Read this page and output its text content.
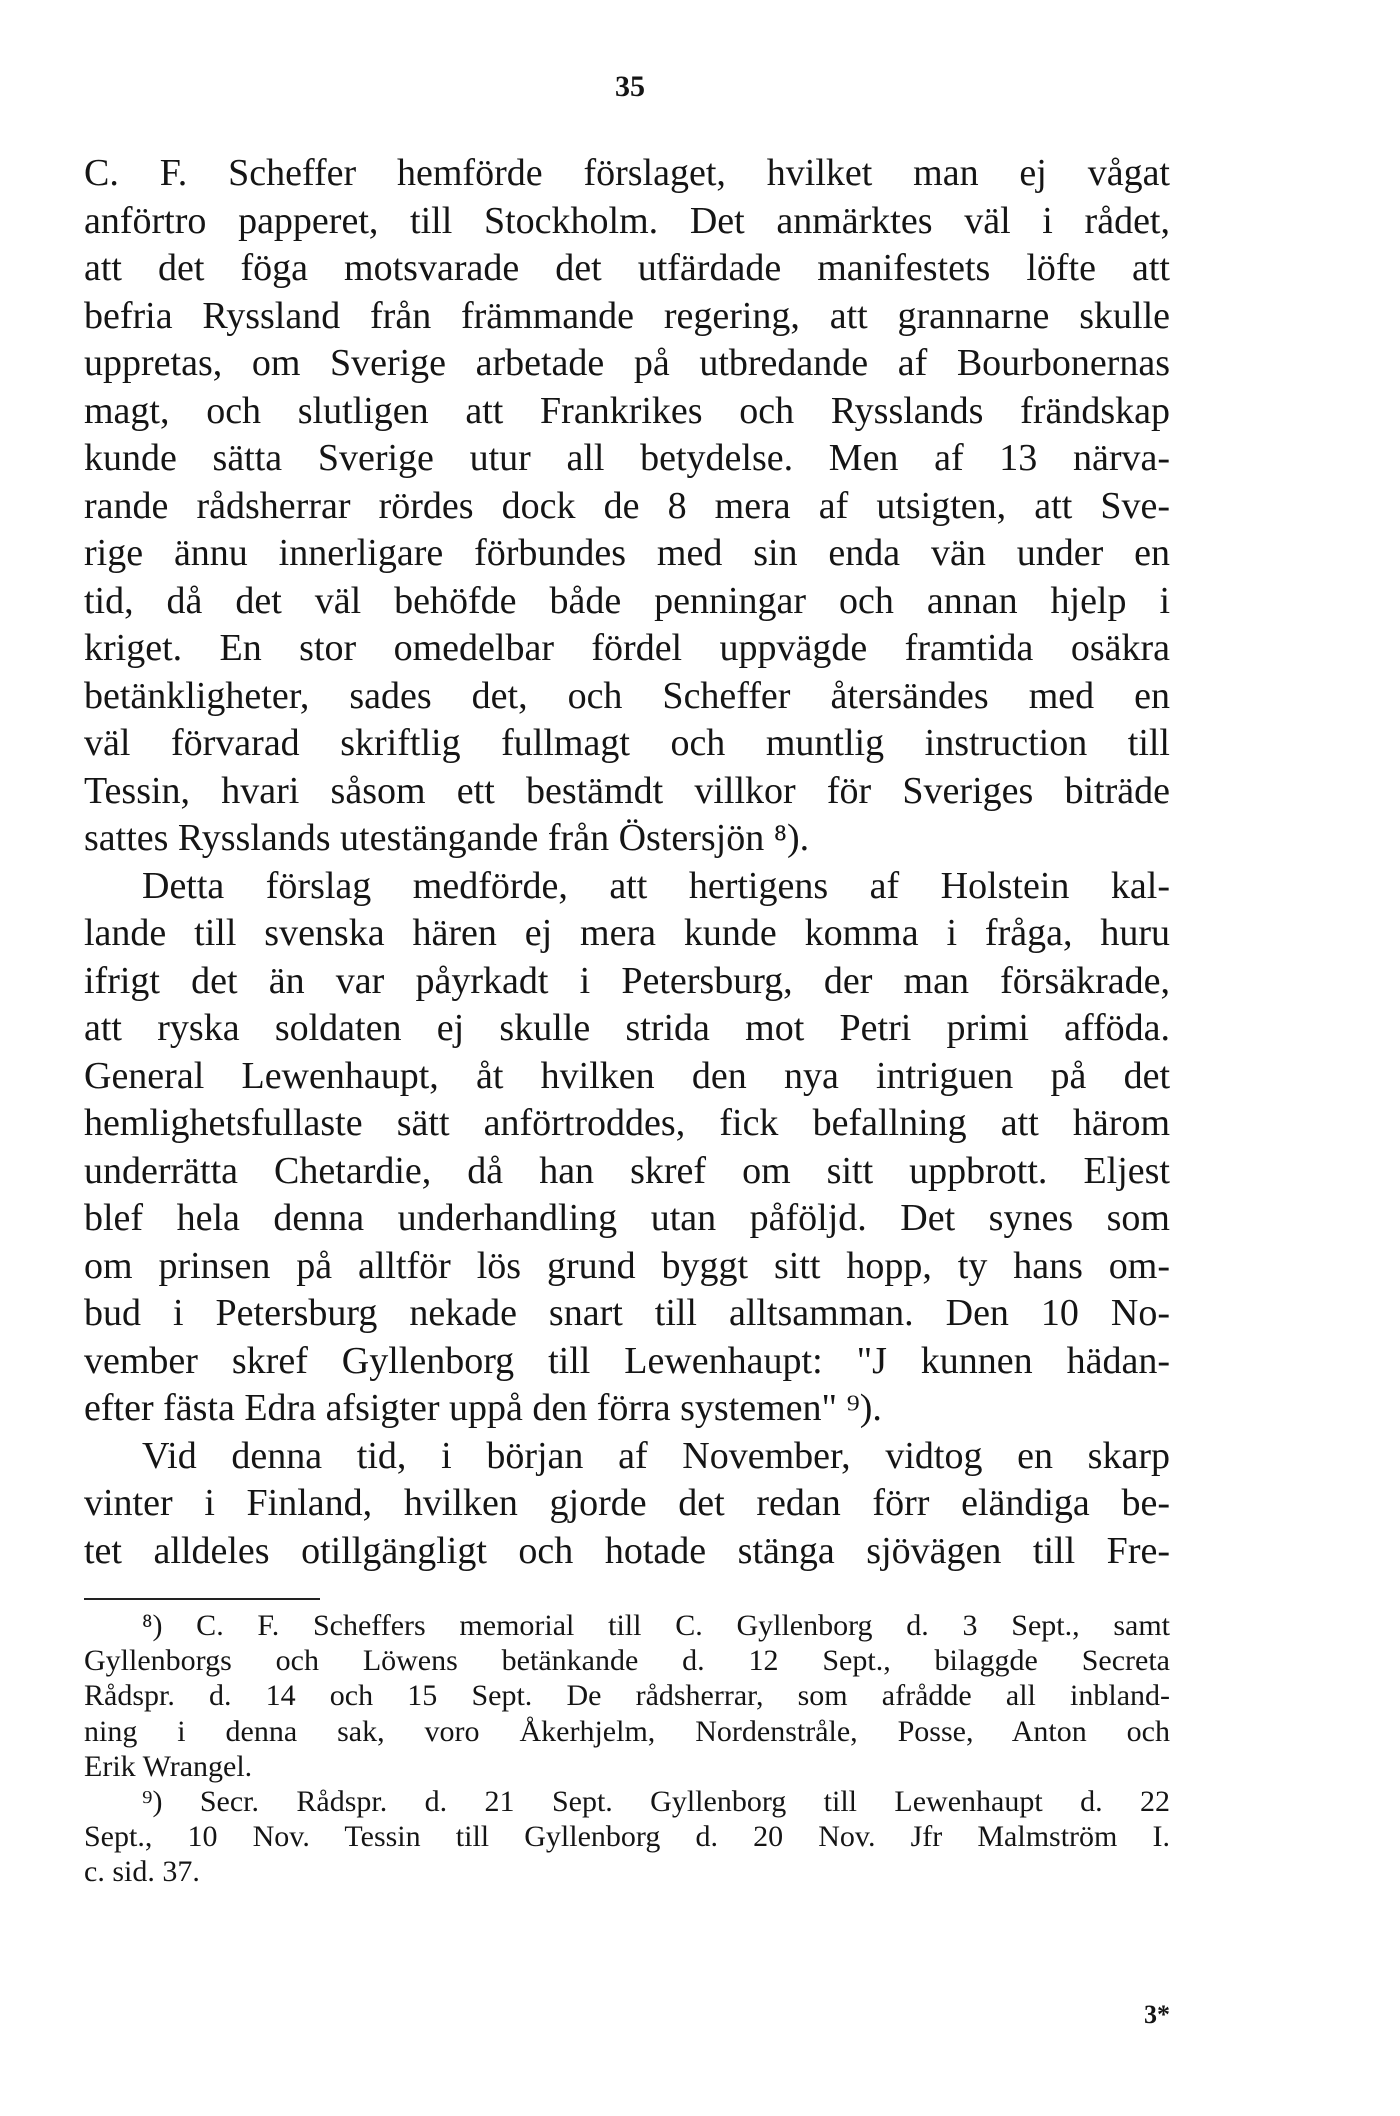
35
C. F. Scheffer hemförde förslaget, hvilket man ej vågat
anförtro papperet, till Stockholm. Det anmärktes väl i rådet,
att det föga motsvarade det utfärdade manifestets löfte att
befria Ryssland från främmande regering, att grannarne skulle
uppretas, om Sverige arbetade på utbredande af Bourbonernas
magt, och slutligen att Frankrikes och Rysslands frändskap
kunde sätta Sverige utur all betydelse. Men af 13 närva-
rande rådsherrar rördes dock de 8 mera af utsigten, att Sve-
rige ännu innerligare förbundes med sin enda vän under en
tid, då det väl behöfde både penningar och annan hjelp i
kriget. En stor omedelbar fördel uppvägde framtida osäkra
betänkligheter, sades det, och Scheffer återsändes med en
väl förvarad skriftlig fullmagt och muntlig instruction till
Tessin, hvari såsom ett bestämdt villkor för Sveriges biträde
sattes Rysslands utestängande från Östersjön ⁸).
Detta förslag medförde, att hertigens af Holstein kal-
lande till svenska hären ej mera kunde komma i fråga, huru
ifrigt det än var påyrkadt i Petersburg, der man försäkrade,
att ryska soldaten ej skulle strida mot Petri primi afföda.
General Lewenhaupt, åt hvilken den nya intriguen på det
hemlighetsfullaste sätt anförtroddes, fick befallning att härom
underrätta Chetardie, då han skref om sitt uppbrott. Eljest
blef hela denna underhandling utan påföljd. Det synes som
om prinsen på alltför lös grund byggt sitt hopp, ty hans om-
bud i Petersburg nekade snart till alltsamman. Den 10 No-
vember skref Gyllenborg till Lewenhaupt: "J kunnen hädan-
efter fästa Edra afsigter uppå den förra systemen" ⁹).
Vid denna tid, i början af November, vidtog en skarp
vinter i Finland, hvilken gjorde det redan förr eländiga be-
tet alldeles otillgängligt och hotade stänga sjövägen till Fre-
⁸) C. F. Scheffers memorial till C. Gyllenborg d. 3 Sept., samt
Gyllenborgs och Löwens betänkande d. 12 Sept., bilaggde Secreta
Rådspr. d. 14 och 15 Sept. De rådsherrar, som afrådde all inbland-
ning i denna sak, voro Åkerhjelm, Nordenstråle, Posse, Anton och
Erik Wrangel.
⁹) Secr. Rådspr. d. 21 Sept. Gyllenborg till Lewenhaupt d. 22
Sept., 10 Nov. Tessin till Gyllenborg d. 20 Nov. Jfr Malmström I.
c. sid. 37.
3*
